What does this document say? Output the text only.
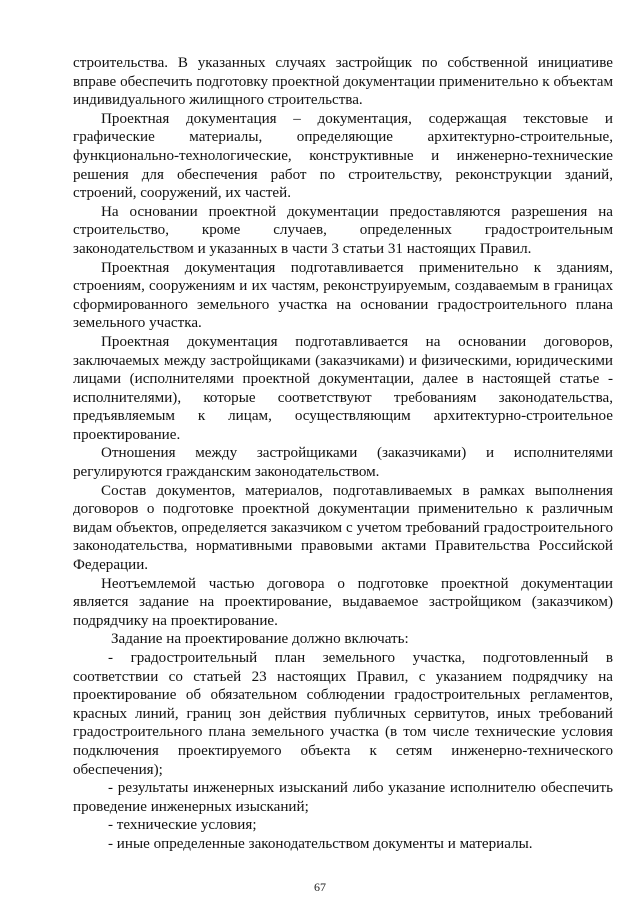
строительства. В указанных случаях застройщик по собственной инициативе вправе обеспечить подготовку проектной документации применительно к объектам индивидуального жилищного строительства.

Проектная документация – документация, содержащая текстовые и графические материалы, определяющие архитектурно-строительные, функционально-технологические, конструктивные и инженерно-технические решения для обеспечения работ по строительству, реконструкции зданий, строений, сооружений, их частей.

На основании проектной документации предоставляются разрешения на строительство, кроме случаев, определенных градостроительным законодательством и указанных в части 3 статьи 31 настоящих Правил.

Проектная документация подготавливается применительно к зданиям, строениям, сооружениям и их частям, реконструируемым, создаваемым в границах сформированного земельного участка на основании градостроительного плана земельного участка.

Проектная документация подготавливается на основании договоров, заключаемых между застройщиками (заказчиками) и физическими, юридическими лицами (исполнителями проектной документации, далее в настоящей статье - исполнителями), которые соответствуют требованиям законодательства, предъявляемым к лицам, осуществляющим архитектурно-строительное проектирование.

Отношения между застройщиками (заказчиками) и исполнителями регулируются гражданским законодательством.

Состав документов, материалов, подготавливаемых в рамках выполнения договоров о подготовке проектной документации применительно к различным видам объектов, определяется заказчиком с учетом требований градостроительного законодательства, нормативными правовыми актами Правительства Российской Федерации.

Неотъемлемой частью договора о подготовке проектной документации является задание на проектирование, выдаваемое застройщиком (заказчиком) подрядчику на проектирование.

Задание на проектирование должно включать:

- градостроительный план земельного участка, подготовленный в соответствии со статьей 23 настоящих Правил, с указанием подрядчику на проектирование об обязательном соблюдении градостроительных регламентов, красных линий, границ зон действия публичных сервитутов, иных требований градостроительного плана земельного участка (в том числе технические условия подключения проектируемого объекта к сетям инженерно-технического обеспечения);

- результаты инженерных изысканий либо указание исполнителю обеспечить проведение инженерных изысканий;

- технические условия;

- иные определенные законодательством документы и материалы.

67
